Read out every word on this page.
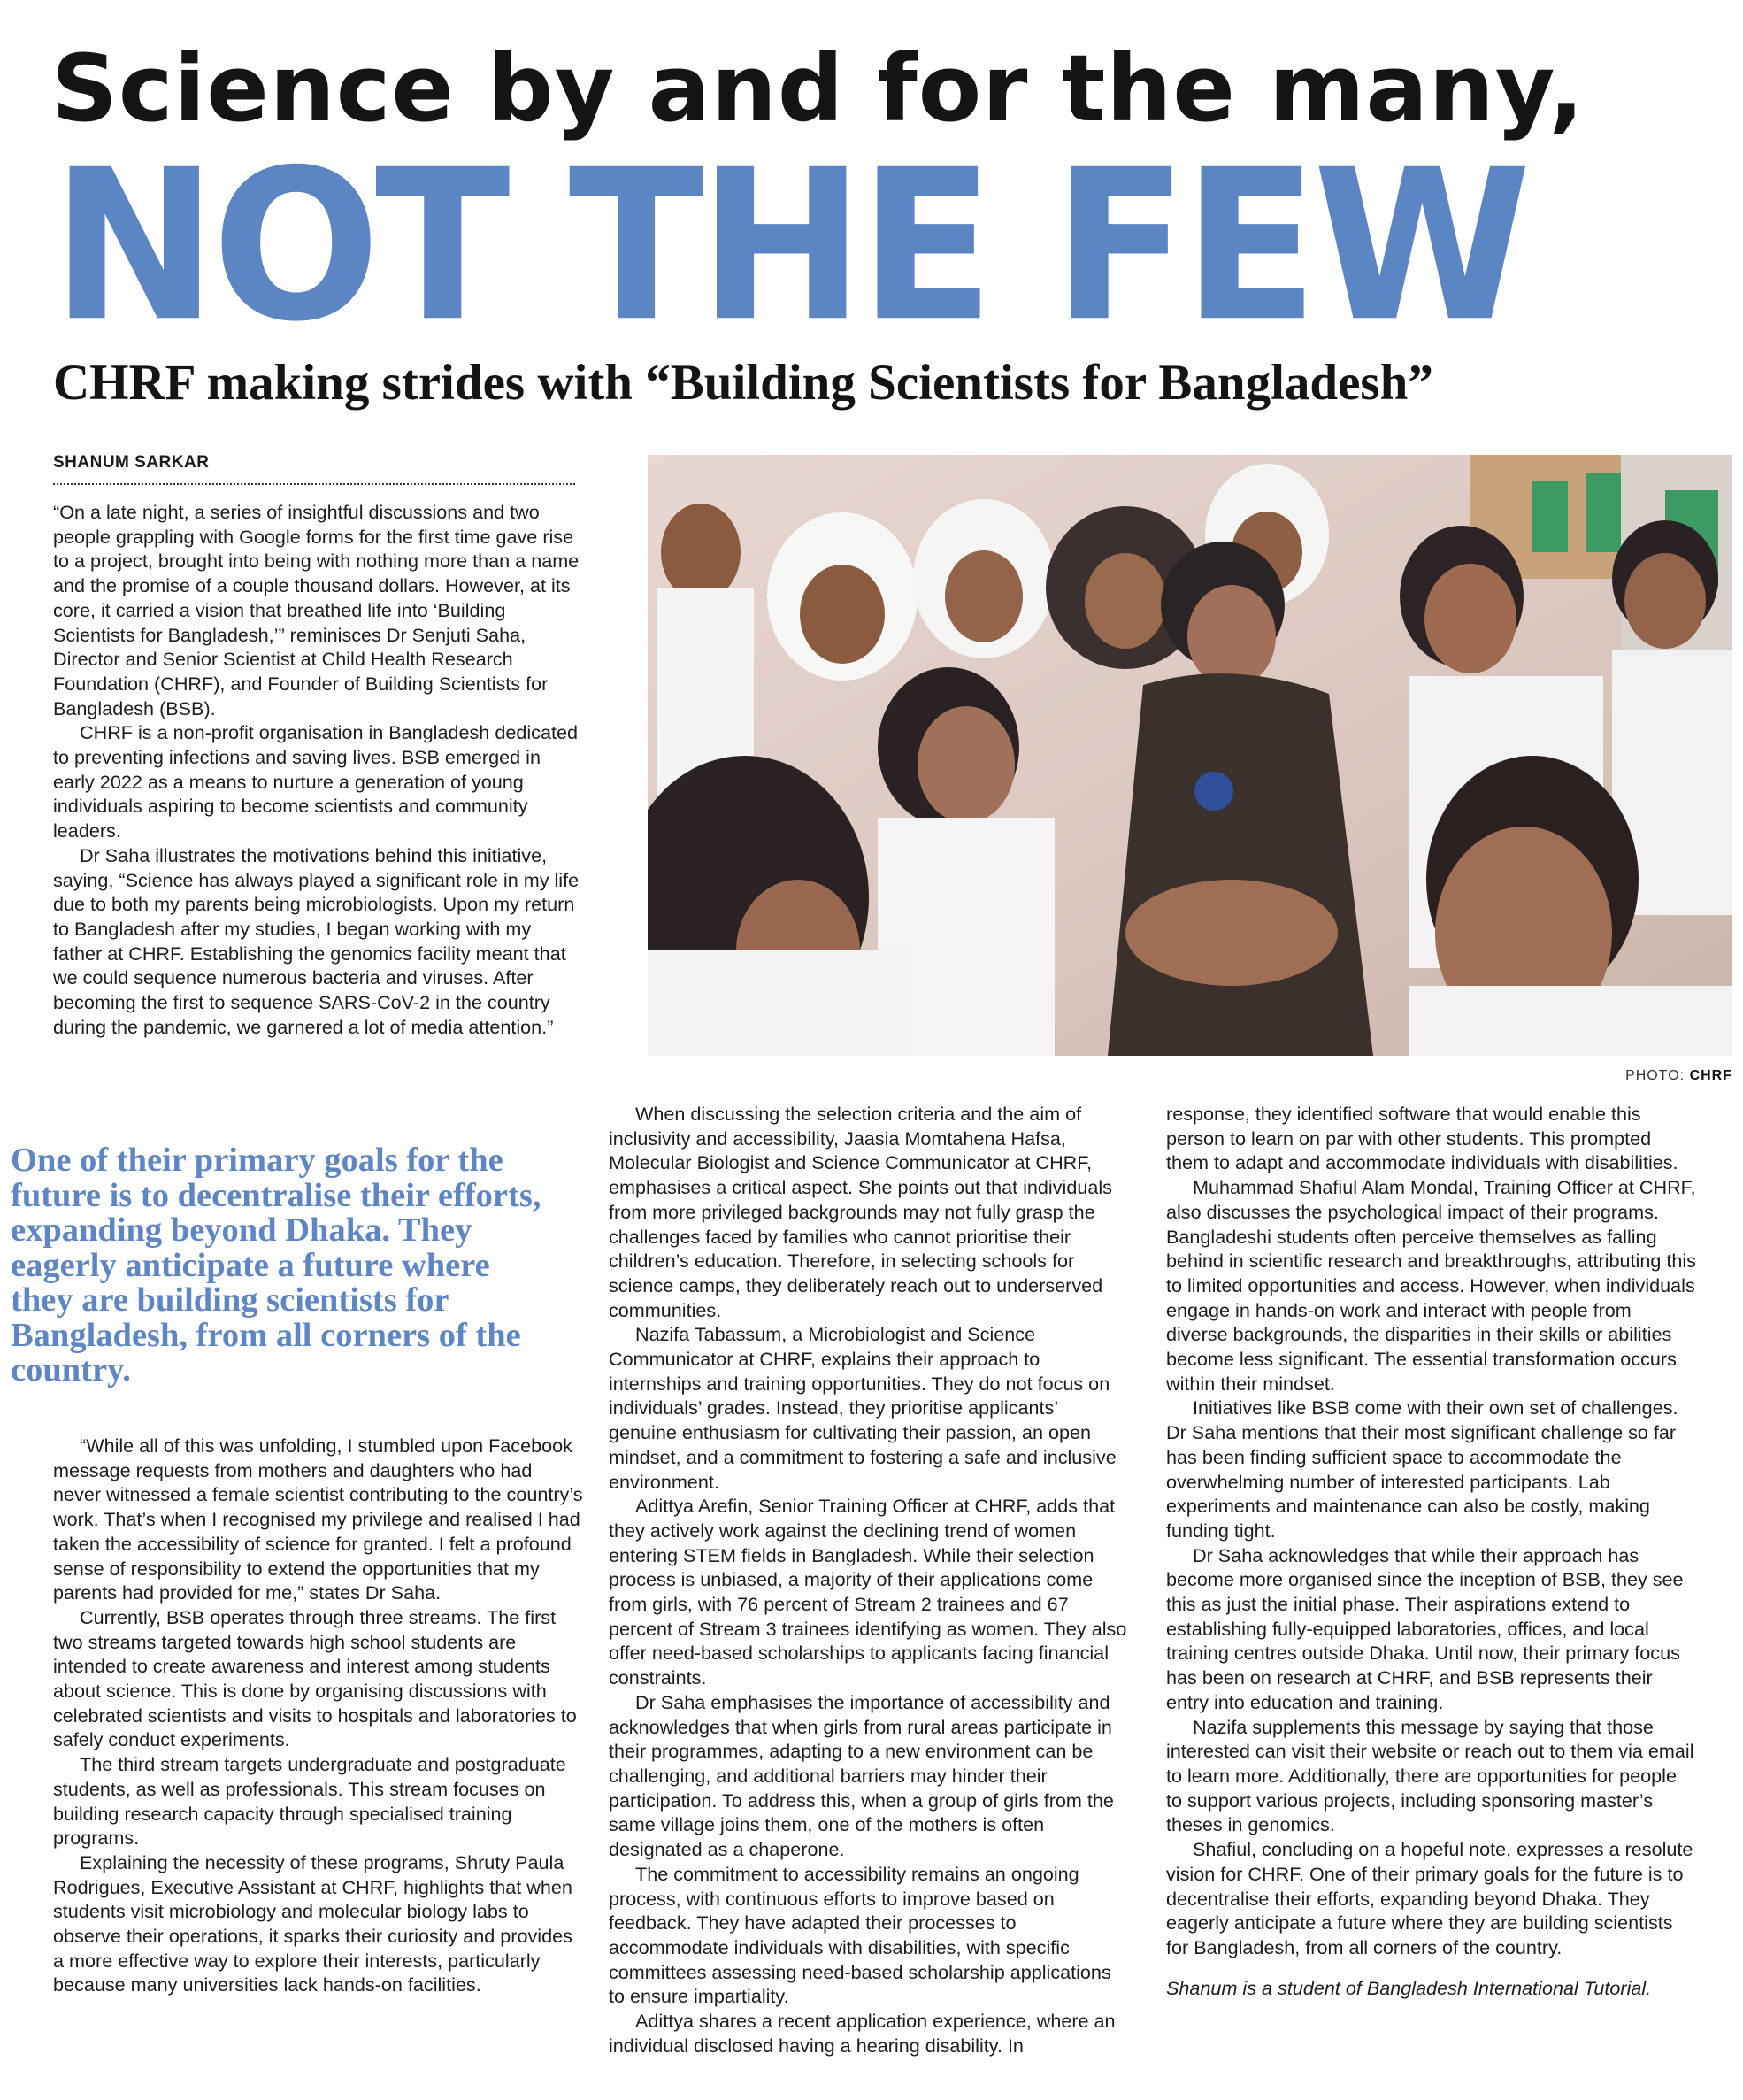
Science by and for the many,
NOT THE FEW
CHRF making strides with “Building Scientists for Bangladesh”
SHANUM SARKAR

“On a late night, a series of insightful discussions and two people grappling with Google forms for the first time gave rise to a project, brought into being with nothing more than a name and the promise of a couple thousand dollars. However, at its core, it carried a vision that breathed life into ‘Building Scientists for Bangladesh,’” reminisces Dr Senjuti Saha, Director and Senior Scientist at Child Health Research Foundation (CHRF), and Founder of Building Scientists for Bangladesh (BSB).

CHRF is a non-profit organisation in Bangladesh dedicated to preventing infections and saving lives. BSB emerged in early 2022 as a means to nurture a generation of young individuals aspiring to become scientists and community leaders.

Dr Saha illustrates the motivations behind this initiative, saying, “Science has always played a significant role in my life due to both my parents being microbiologists. Upon my return to Bangladesh after my studies, I began working with my father at CHRF. Establishing the genomics facility meant that we could sequence numerous bacteria and viruses. After becoming the first to sequence SARS-CoV-2 in the country during the pandemic, we garnered a lot of media attention.”

One of their primary goals for the future is to decentralise their efforts, expanding beyond Dhaka. They eagerly anticipate a future where they are building scientists for Bangladesh, from all corners of the country.

“While all of this was unfolding, I stumbled upon Facebook message requests from mothers and daughters who had never witnessed a female scientist contributing to the country’s work. That’s when I recognised my privilege and realised I had taken the accessibility of science for granted. I felt a profound sense of responsibility to extend the opportunities that my parents had provided for me,” states Dr Saha.

Currently, BSB operates through three streams. The first two streams targeted towards high school students are intended to create awareness and interest among students about science. This is done by organising discussions with celebrated scientists and visits to hospitals and laboratories to safely conduct experiments.

The third stream targets undergraduate and postgraduate students, as well as professionals. This stream focuses on building research capacity through specialised training programs.

Explaining the necessity of these programs, Shruty Paula Rodrigues, Executive Assistant at CHRF, highlights that when students visit microbiology and molecular biology labs to observe their operations, it sparks their curiosity and provides a more effective way to explore their interests, particularly because many universities lack hands-on facilities.

PHOTO: CHRF

When discussing the selection criteria and the aim of inclusivity and accessibility, Jaasia Momtahena Hafsa, Molecular Biologist and Science Communicator at CHRF, emphasises a critical aspect. She points out that individuals from more privileged backgrounds may not fully grasp the challenges faced by families who cannot prioritise their children’s education. Therefore, in selecting schools for science camps, they deliberately reach out to underserved communities.

Nazifa Tabassum, a Microbiologist and Science Communicator at CHRF, explains their approach to internships and training opportunities. They do not focus on individuals’ grades. Instead, they prioritise applicants’ genuine enthusiasm for cultivating their passion, an open mindset, and a commitment to fostering a safe and inclusive environment.

Adittya Arefin, Senior Training Officer at CHRF, adds that they actively work against the declining trend of women entering STEM fields in Bangladesh. While their selection process is unbiased, a majority of their applications come from girls, with 76 percent of Stream 2 trainees and 67 percent of Stream 3 trainees identifying as women. They also offer need-based scholarships to applicants facing financial constraints.

Dr Saha emphasises the importance of accessibility and acknowledges that when girls from rural areas participate in their programmes, adapting to a new environment can be challenging, and additional barriers may hinder their participation. To address this, when a group of girls from the same village joins them, one of the mothers is often designated as a chaperone.

The commitment to accessibility remains an ongoing process, with continuous efforts to improve based on feedback. They have adapted their processes to accommodate individuals with disabilities, with specific committees assessing need-based scholarship applications to ensure impartiality.

Adittya shares a recent application experience, where an individual disclosed having a hearing disability. In

response, they identified software that would enable this person to learn on par with other students. This prompted them to adapt and accommodate individuals with disabilities.

Muhammad Shafiul Alam Mondal, Training Officer at CHRF, also discusses the psychological impact of their programs. Bangladeshi students often perceive themselves as falling behind in scientific research and breakthroughs, attributing this to limited opportunities and access. However, when individuals engage in hands-on work and interact with people from diverse backgrounds, the disparities in their skills or abilities become less significant. The essential transformation occurs within their mindset.

Initiatives like BSB come with their own set of challenges. Dr Saha mentions that their most significant challenge so far has been finding sufficient space to accommodate the overwhelming number of interested participants. Lab experiments and maintenance can also be costly, making funding tight.

Dr Saha acknowledges that while their approach has become more organised since the inception of BSB, they see this as just the initial phase. Their aspirations extend to establishing fully-equipped laboratories, offices, and local training centres outside Dhaka. Until now, their primary focus has been on research at CHRF, and BSB represents their entry into education and training.

Nazifa supplements this message by saying that those interested can visit their website or reach out to them via email to learn more. Additionally, there are opportunities for people to support various projects, including sponsoring master’s theses in genomics.

Shafiul, concluding on a hopeful note, expresses a resolute vision for CHRF. One of their primary goals for the future is to decentralise their efforts, expanding beyond Dhaka. They eagerly anticipate a future where they are building scientists for Bangladesh, from all corners of the country.

Shanum is a student of Bangladesh International Tutorial.
